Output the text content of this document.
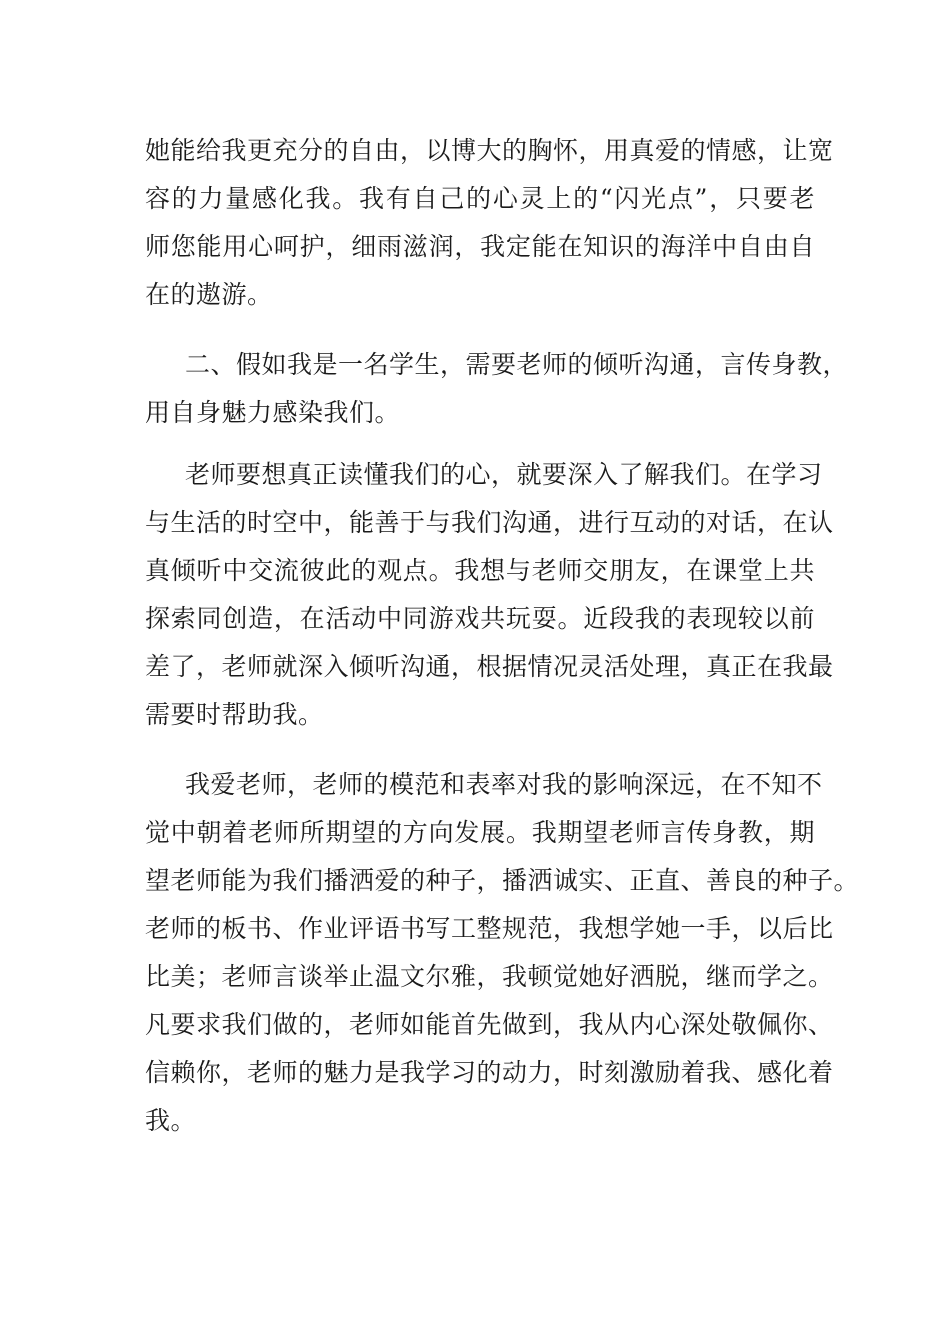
她能给我更充分的自由，以博大的胸怀，用真爱的情感，让宽
容的力量感化我。我有自己的心灵上的“闪光点”，只要老
师您能用心呵护，细雨滋润，我定能在知识的海洋中自由自
在的遨游。
二、假如我是一名学生，需要老师的倾听沟通，言传身教，
用自身魅力感染我们。
老师要想真正读懂我们的心，就要深入了解我们。在学习
与生活的时空中，能善于与我们沟通，进行互动的对话，在认
真倾听中交流彼此的观点。我想与老师交朋友，在课堂上共
探索同创造，在活动中同游戏共玩耍。近段我的表现较以前
差了，老师就深入倾听沟通，根据情况灵活处理，真正在我最
需要时帮助我。
我爱老师，老师的模范和表率对我的影响深远，在不知不
觉中朝着老师所期望的方向发展。我期望老师言传身教，期
望老师能为我们播洒爱的种子，播洒诚实、正直、善良的种子。
老师的板书、作业评语书写工整规范，我想学她一手，以后比
比美；老师言谈举止温文尔雅，我顿觉她好洒脱，继而学之。
凡要求我们做的，老师如能首先做到，我从内心深处敬佩你、
信赖你，老师的魅力是我学习的动力，时刻激励着我、感化着
我。
